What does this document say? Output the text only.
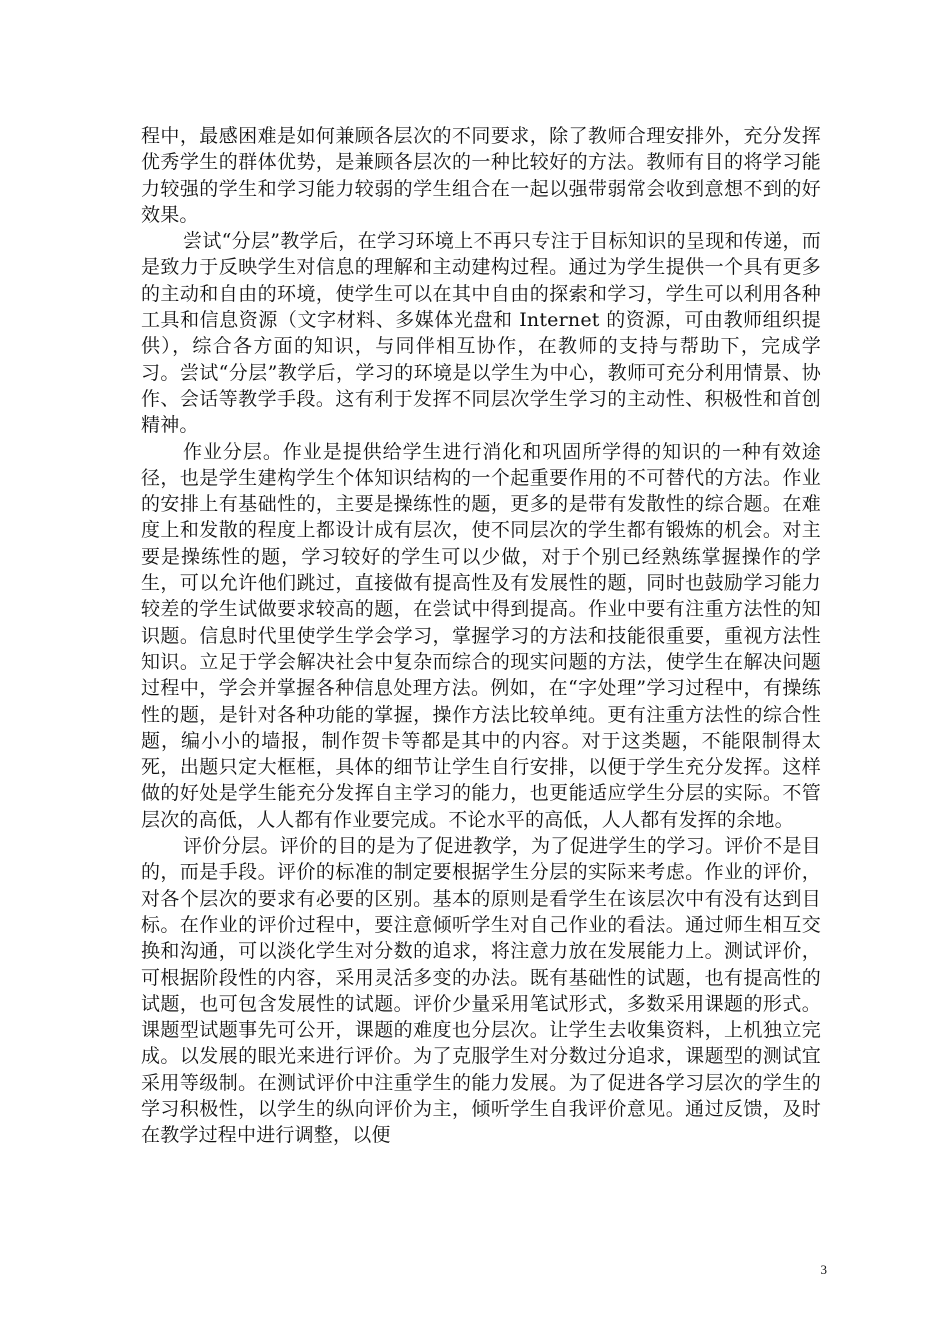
程中，最感困难是如何兼顾各层次的不同要求，除了教师合理安排外，充分发挥优秀学生的群体优势，是兼顾各层次的一种比较好的方法。教师有目的将学习能力较强的学生和学习能力较弱的学生组合在一起以强带弱常会收到意想不到的好效果。

尝试“分层”教学后，在学习环境上不再只专注于目标知识的呈现和传递，而是致力于反映学生对信息的理解和主动建构过程。通过为学生提供一个具有更多的主动和自由的环境，使学生可以在其中自由的探索和学习，学生可以利用各种工具和信息资源（文字材料、多媒体光盘和 Internet 的资源，可由教师组织提供），综合各方面的知识，与同伴相互协作，在教师的支持与帮助下，完成学习。尝试“分层”教学后，学习的环境是以学生为中心，教师可充分利用情景、协作、会话等教学手段。这有利于发挥不同层次学生学习的主动性、积极性和首创精神。

作业分层。作业是提供给学生进行消化和巩固所学得的知识的一种有效途径，也是学生建构学生个体知识结构的一个起重要作用的不可替代的方法。作业的安排上有基础性的，主要是操练性的题，更多的是带有发散性的综合题。在难度上和发散的程度上都设计成有层次，使不同层次的学生都有锻炼的机会。对主要是操练性的题，学习较好的学生可以少做，对于个别已经熟练掌握操作的学生，可以允许他们跳过，直接做有提高性及有发展性的题，同时也鼓励学习能力较差的学生试做要求较高的题，在尝试中得到提高。作业中要有注重方法性的知识题。信息时代里使学生学会学习，掌握学习的方法和技能很重要，重视方法性知识。立足于学会解决社会中复杂而综合的现实问题的方法，使学生在解决问题过程中，学会并掌握各种信息处理方法。例如，在“字处理”学习过程中，有操练性的题，是针对各种功能的掌握，操作方法比较单纯。更有注重方法性的综合性题，编小小的墙报，制作贺卡等都是其中的内容。对于这类题，不能限制得太死，出题只定大框框，具体的细节让学生自行安排，以便于学生充分发挥。这样做的好处是学生能充分发挥自主学习的能力，也更能适应学生分层的实际。不管层次的高低，人人都有作业要完成。不论水平的高低，人人都有发挥的余地。

评价分层。评价的目的是为了促进教学，为了促进学生的学习。评价不是目的，而是手段。评价的标准的制定要根据学生分层的实际来考虑。作业的评价，对各个层次的要求有必要的区别。基本的原则是看学生在该层次中有没有达到目标。在作业的评价过程中，要注意倾听学生对自己作业的看法。通过师生相互交换和沟通，可以淡化学生对分数的追求，将注意力放在发展能力上。测试评价，可根据阶段性的内容，采用灵活多变的办法。既有基础性的试题，也有提高性的试题，也可包含发展性的试题。评价少量采用笔试形式，多数采用课题的形式。课题型试题事先可公开，课题的难度也分层次。让学生去收集资料，上机独立完成。以发展的眼光来进行评价。为了克服学生对分数过分追求，课题型的测试宜采用等级制。在测试评价中注重学生的能力发展。为了促进各学习层次的学生的学习积极性，以学生的纵向评价为主，倾听学生自我评价意见。通过反馈，及时在教学过程中进行调整，以便

3
